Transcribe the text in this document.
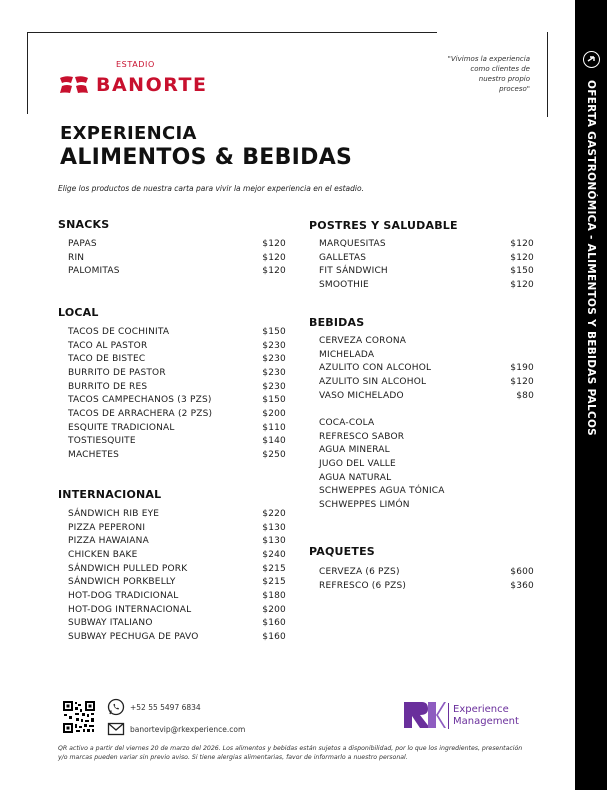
ESTADIO
BANORTE
"Vivimos la experiencia
como clientes de
nuestro propio
proceso"
EXPERIENCIA
ALIMENTOS & BEBIDAS
Elige los productos de nuestra carta para vivir la mejor experiencia en el estadio.
SNACKS
PAPAS	$120
RIN	$120
PALOMITAS	$120
LOCAL
TACOS DE COCHINITA	$150
TACO AL PASTOR	$230
TACO DE BISTEC	$230
BURRITO DE PASTOR	$230
BURRITO DE RES	$230
TACOS CAMPECHANOS (3 PZS)	$150
TACOS DE ARRACHERA (2 PZS)	$200
ESQUITE TRADICIONAL	$110
TOSTIESQUITE	$140
MACHETES	$250
INTERNACIONAL
SÁNDWICH RIB EYE	$220
PIZZA PEPERONI	$130
PIZZA HAWAIANA	$130
CHICKEN BAKE	$240
SÁNDWICH PULLED PORK	$215
SÁNDWICH PORKBELLY	$215
HOT-DOG TRADICIONAL	$180
HOT-DOG INTERNACIONAL	$200
SUBWAY ITALIANO	$160
SUBWAY PECHUGA DE PAVO	$160
POSTRES Y SALUDABLE
MARQUESITAS	$120
GALLETAS	$120
FIT SÁNDWICH	$150
SMOOTHIE	$120
BEBIDAS
CERVEZA CORONA
MICHELADA
AZULITO CON ALCOHOL	$190
AZULITO SIN ALCOHOL	$120
VASO MICHELADO	$80
COCA-COLA
REFRESCO SABOR
AGUA MINERAL
JUGO DEL VALLE
AGUA NATURAL
SCHWEPPES AGUA TÓNICA
SCHWEPPES LIMÓN
PAQUETES
CERVEZA (6 PZS)	$600
REFRESCO (6 PZS)	$360
OFERTA GASTRONÓMICA - ALIMENTOS Y BEBIDAS PALCOS
+52 55 5497 6834
banortevip@rkexperience.com
Experience
Management
QR activo a partir del viernes 20 de marzo del 2026. Los alimentos y bebidas están sujetos a disponibilidad, por lo que los ingredientes, presentación y/o marcas pueden variar sin previo aviso. Si tiene alergias alimentarias, favor de informarlo a nuestro personal.
